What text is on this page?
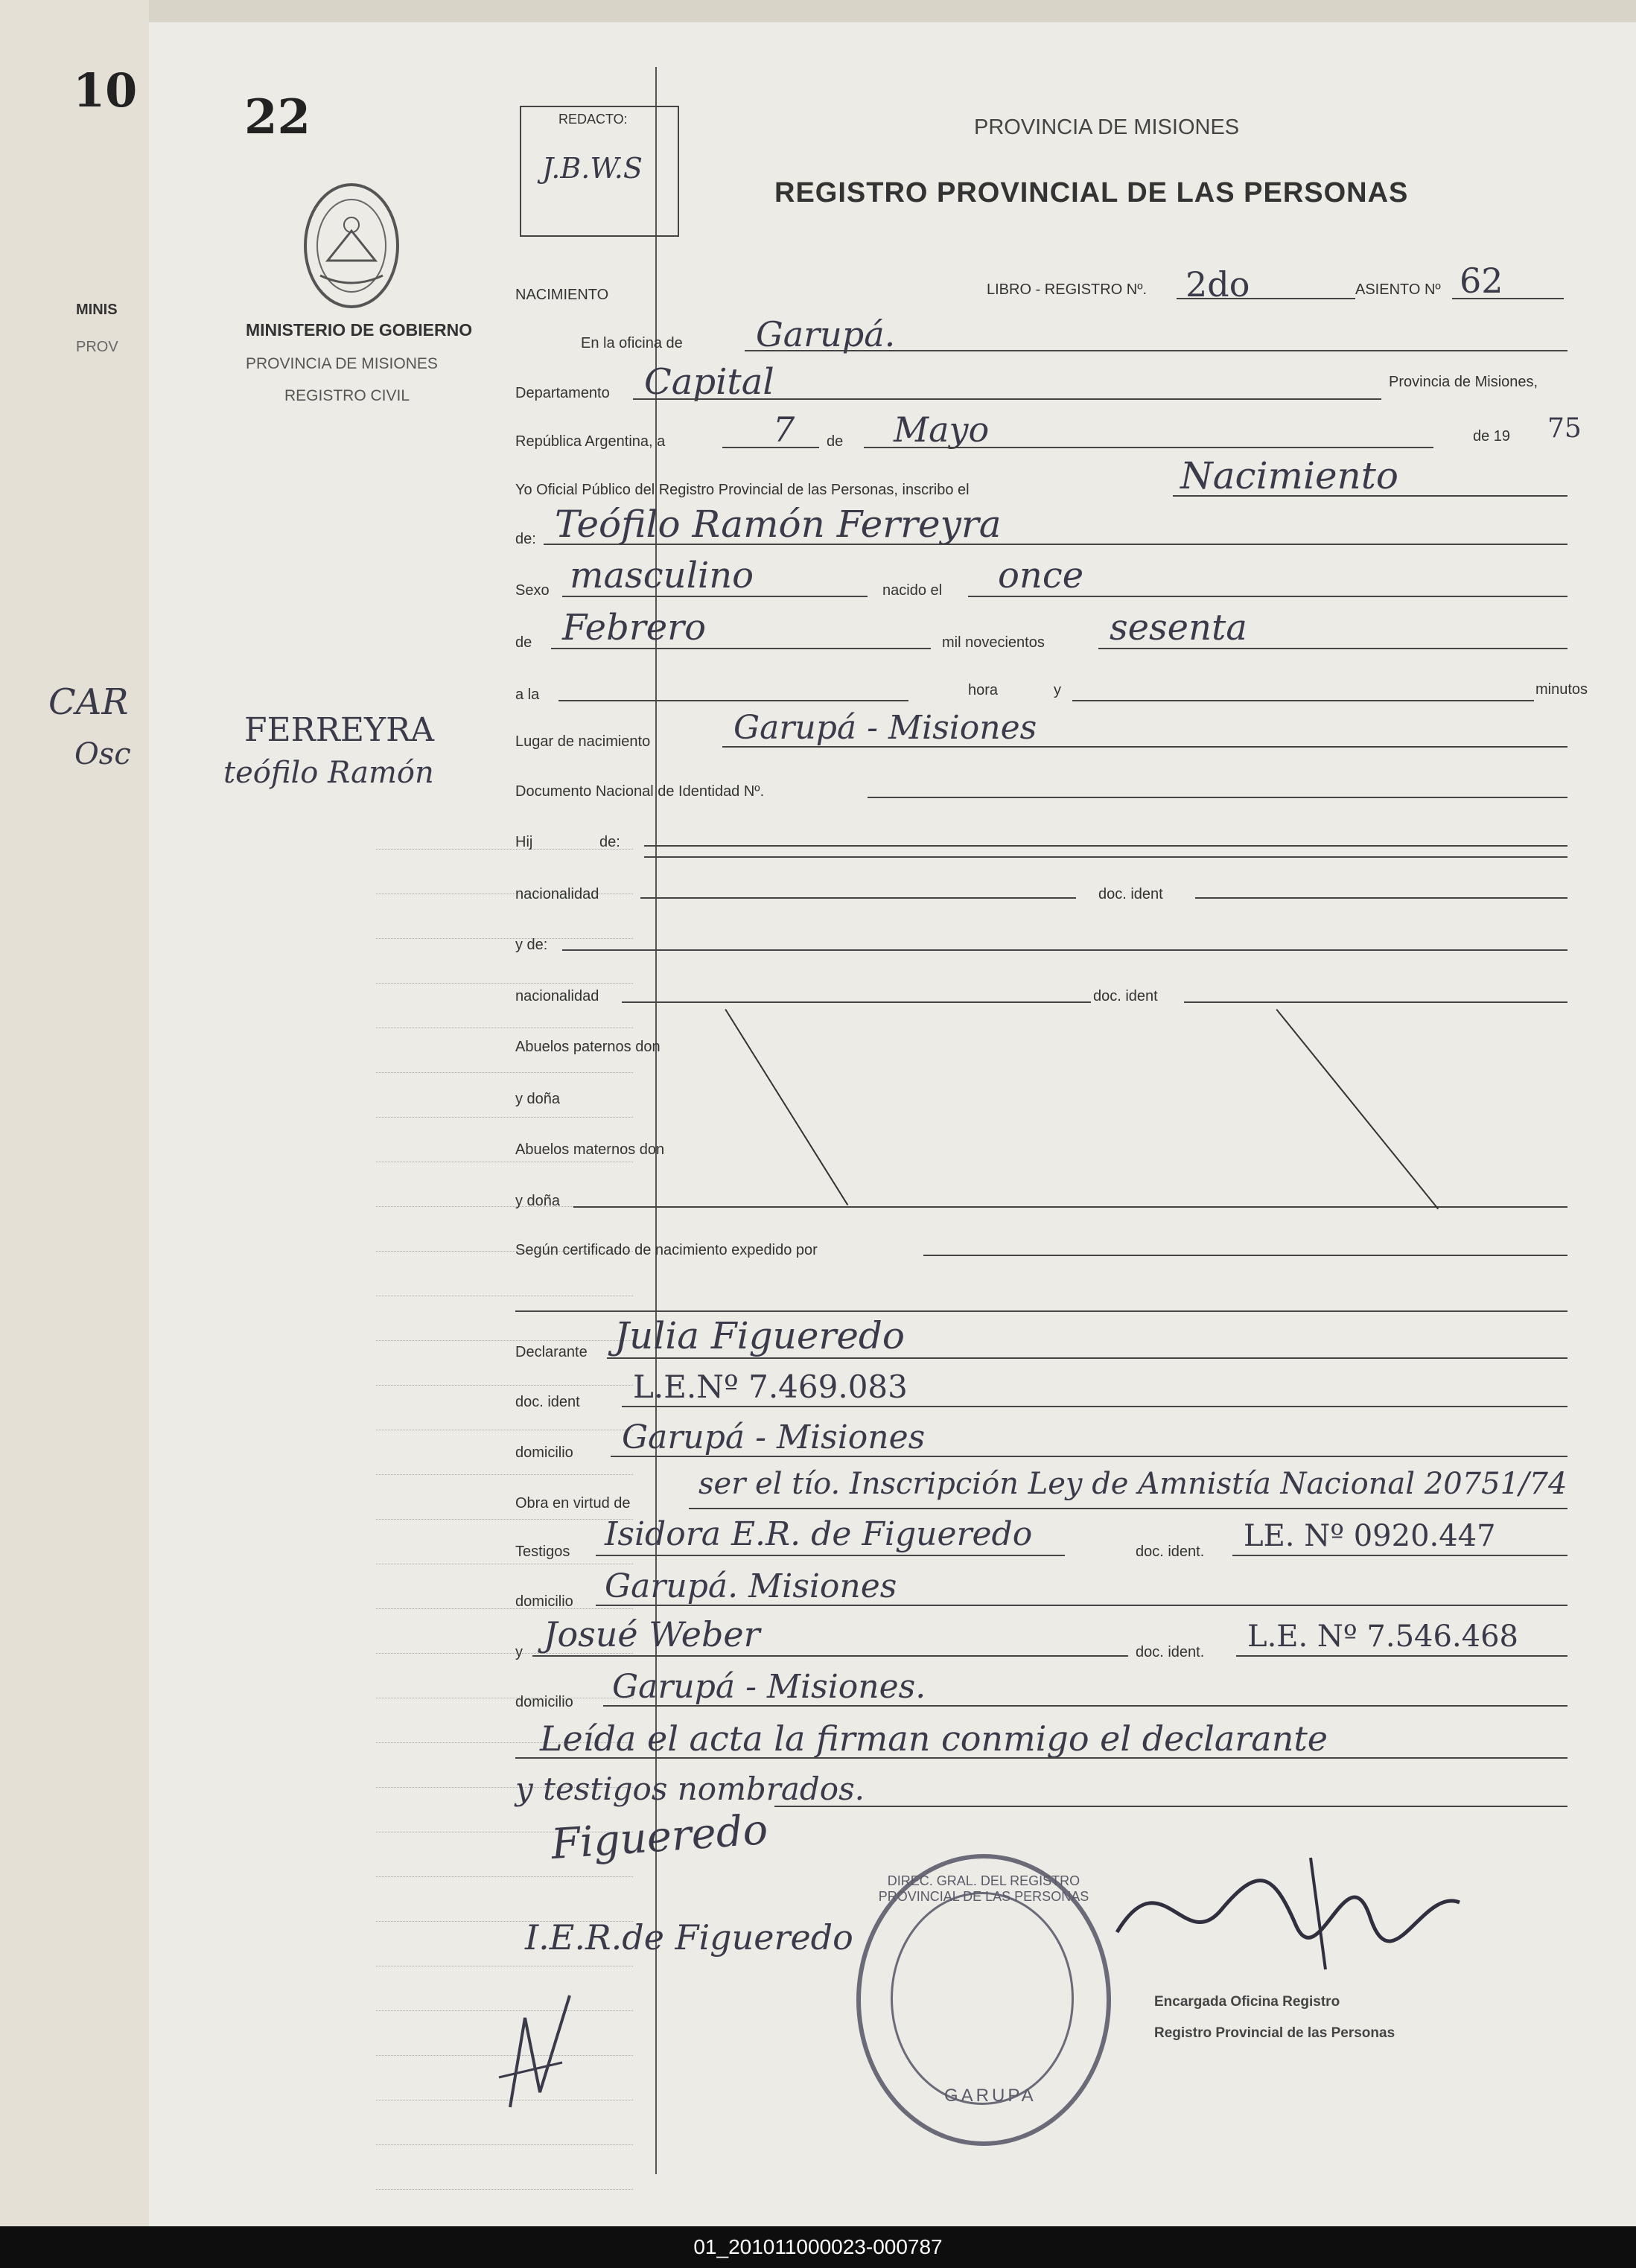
10
MINIS
PROV
CAR
Osc
22
MINISTERIO DE GOBIERNO
PROVINCIA DE MISIONES
REGISTRO CIVIL
FERREYRA
teófilo Ramón
REDACTO:
J.B.W.S
PROVINCIA DE MISIONES
REGISTRO PROVINCIAL DE LAS PERSONAS
NACIMIENTO	LIBRO - REGISTRO Nº. 2do	ASIENTO Nº 62
En la oficina de Garupá.
Departamento Capital	Provincia de Misiones,
República Argentina, a	7 de Mayo	de 19 75
Yo Oficial Público del Registro Provincial de las Personas, inscribo el	Nacimiento
de: Teófilo Ramón Ferreyra
Sexo masculino	nacido el once
de Febrero	mil novecientos sesenta
a la	hora	y	minutos
Lugar de nacimiento	Garupá - Misiones
Documento Nacional de Identidad Nº.
Hij	de:
nacionalidad	doc. ident
y de:
nacionalidad	doc. ident
Abuelos paternos don
y doña
Abuelos maternos don
y doña
Según certificado de nacimiento expedido por
Declarante Julia Figueredo
doc. ident L.E.Nº 7.469.083
domicilio Garupá - Misiones
Obra en virtud de
ser el tío. Inscripción Ley de Amnistía Nacional 20751/74
Testigos Isidora E.R. de Figueredo	doc. ident. LE. Nº 0920.447
domicilio Garupá. Misiones
y Josué Weber	doc. ident. L.E. Nº 7.546.468
domicilio Garupá - Misiones.
Leída el acta la firman conmigo el declarante
y testigos nombrados.
Figueredo
I.E.R.de Figueredo
DIREC. GRAL. DEL REGISTRO PROVINCIAL DE LAS PERSONAS
GARUPA
Encargada Oficina Registro
Registro Provincial de las Personas
01_201011000023-000787
